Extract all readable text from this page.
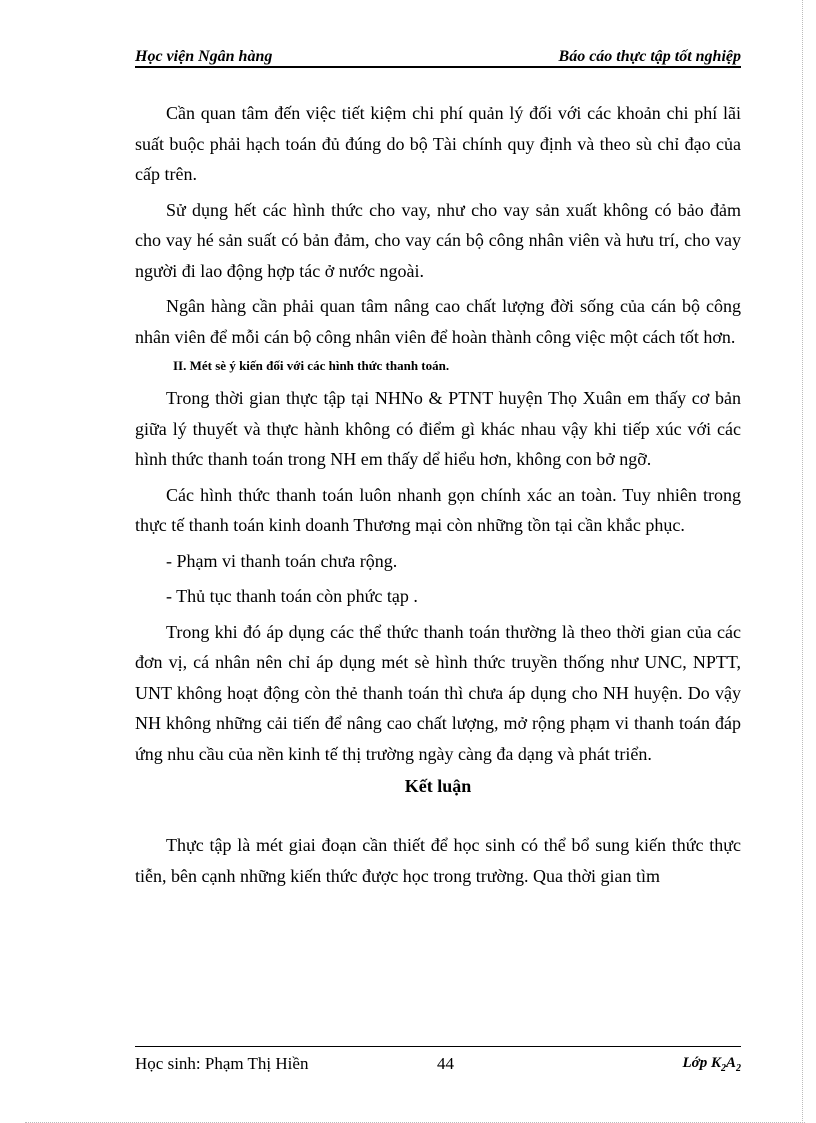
Học viện Ngân hàng	Báo cáo thực tập tốt nghiệp

Cần quan tâm đến việc tiết kiệm chi phí quản lý đối với các khoản chi phí lãi suất buộc phải hạch toán đủ đúng do bộ Tài chính quy định và theo sù chỉ đạo của cấp trên.

Sử dụng hết các hình thức cho vay, như cho vay sản xuất không có bảo đảm cho vay hé sản suất có bản đảm, cho vay cán bộ công nhân viên và hưu trí, cho vay người đi lao động hợp tác ở nước ngoài.

Ngân hàng cần phải quan tâm nâng cao chất lượng đời sống của cán bộ công nhân viên để mỗi cán bộ công nhân viên để hoàn thành công việc một cách tốt hơn.

II. Mét sè ý kiến đối với các hình thức thanh toán.

Trong thời gian thực tập tại NHNo & PTNT huyện Thọ Xuân em thấy cơ bản giữa lý thuyết và thực hành không có điểm gì khác nhau vậy khi tiếp xúc với các hình thức thanh toán trong NH em thấy dể hiểu hơn, không con bở ngỡ.

Các hình thức thanh toán luôn nhanh gọn chính xác an toàn. Tuy nhiên trong thực tế thanh toán kinh doanh Thương mại còn những tồn tại cần khắc phục.

- Phạm vi thanh toán chưa rộng.

- Thủ tục thanh toán còn phức tạp .

Trong khi đó áp dụng các thể thức thanh toán thường là theo thời gian của các đơn vị, cá nhân nên chỉ áp dụng mét sè hình thức truyền thống như UNC, NPTT, UNT không hoạt động còn thẻ thanh toán thì chưa áp dụng cho NH huyện. Do vậy NH không những cải tiến để nâng cao chất lượng, mở rộng phạm vi thanh toán đáp ứng nhu cầu của nền kinh tế thị trường ngày càng đa dạng và phát triển.

Kết luận

Thực tập là mét giai đoạn cần thiết để học sinh có thể bổ sung kiến thức thực tiễn, bên cạnh những kiến thức được học trong trường. Qua thời gian tìm

Học sinh: Phạm Thị Hiền	44	Lớp $K_2A_2$
